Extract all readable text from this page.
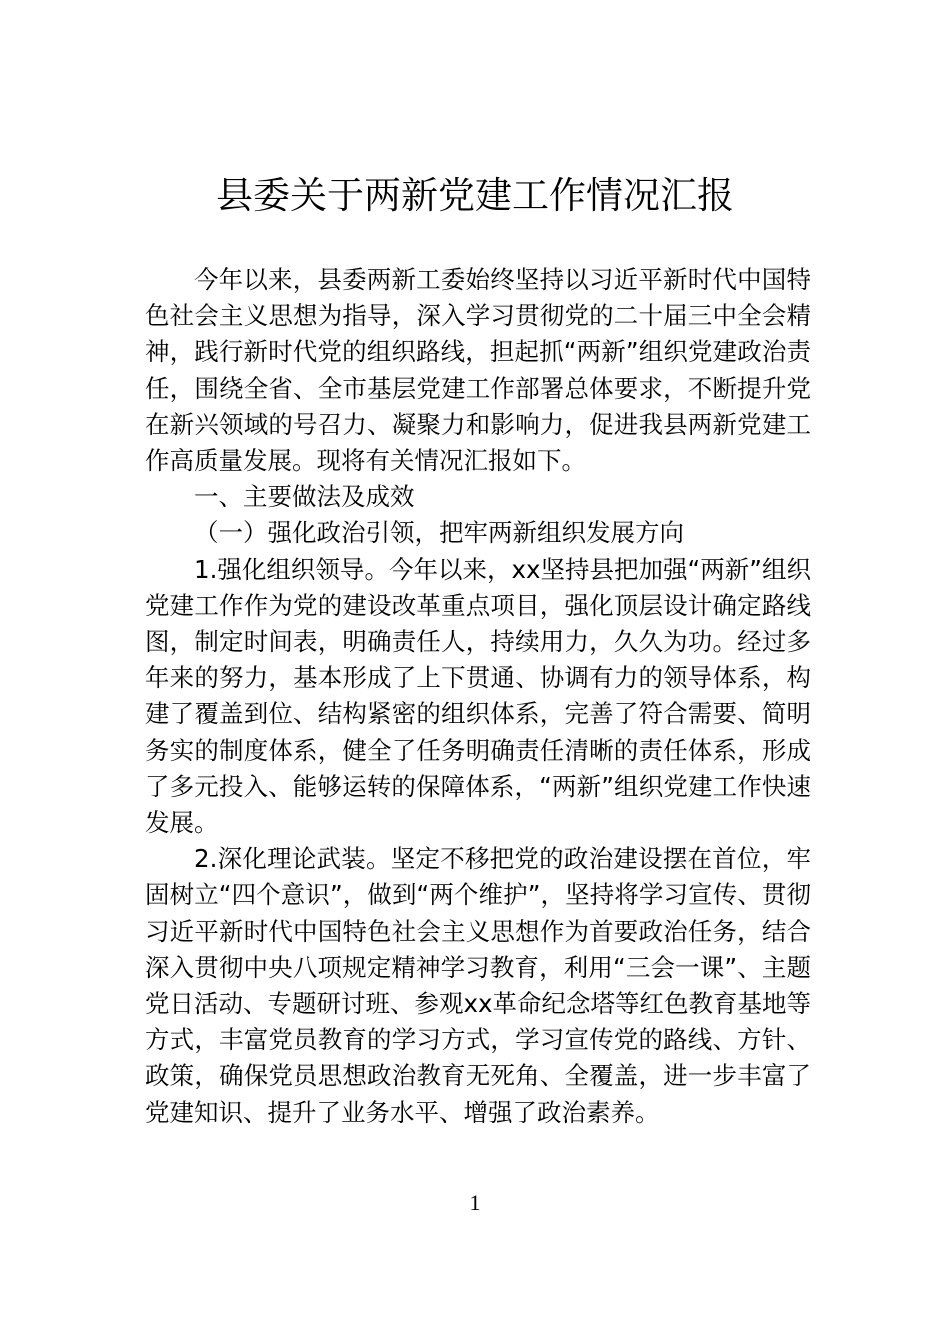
县委关于两新党建工作情况汇报

今年以来，县委两新工委始终坚持以习近平新时代中国特色社会主义思想为指导，深入学习贯彻党的二十届三中全会精神，践行新时代党的组织路线，担起抓“两新”组织党建政治责任，围绕全省、全市基层党建工作部署总体要求，不断提升党在新兴领域的号召力、凝聚力和影响力，促进我县两新党建工作高质量发展。现将有关情况汇报如下。

一、主要做法及成效

（一）强化政治引领，把牢两新组织发展方向

1.强化组织领导。今年以来，xx坚持县把加强“两新”组织党建工作作为党的建设改革重点项目，强化顶层设计确定路线图，制定时间表，明确责任人，持续用力，久久为功。经过多年来的努力，基本形成了上下贯通、协调有力的领导体系，构建了覆盖到位、结构紧密的组织体系，完善了符合需要、简明务实的制度体系，健全了任务明确责任清晰的责任体系，形成了多元投入、能够运转的保障体系，“两新”组织党建工作快速发展。

2.深化理论武装。坚定不移把党的政治建设摆在首位，牢固树立“四个意识”，做到“两个维护”，坚持将学习宣传、贯彻习近平新时代中国特色社会主义思想作为首要政治任务，结合深入贯彻中央八项规定精神学习教育，利用“三会一课”、主题党日活动、专题研讨班、参观xx革命纪念塔等红色教育基地等方式，丰富党员教育的学习方式，学习宣传党的路线、方针、政策，确保党员思想政治教育无死角、全覆盖，进一步丰富了党建知识、提升了业务水平、增强了政治素养。

1
